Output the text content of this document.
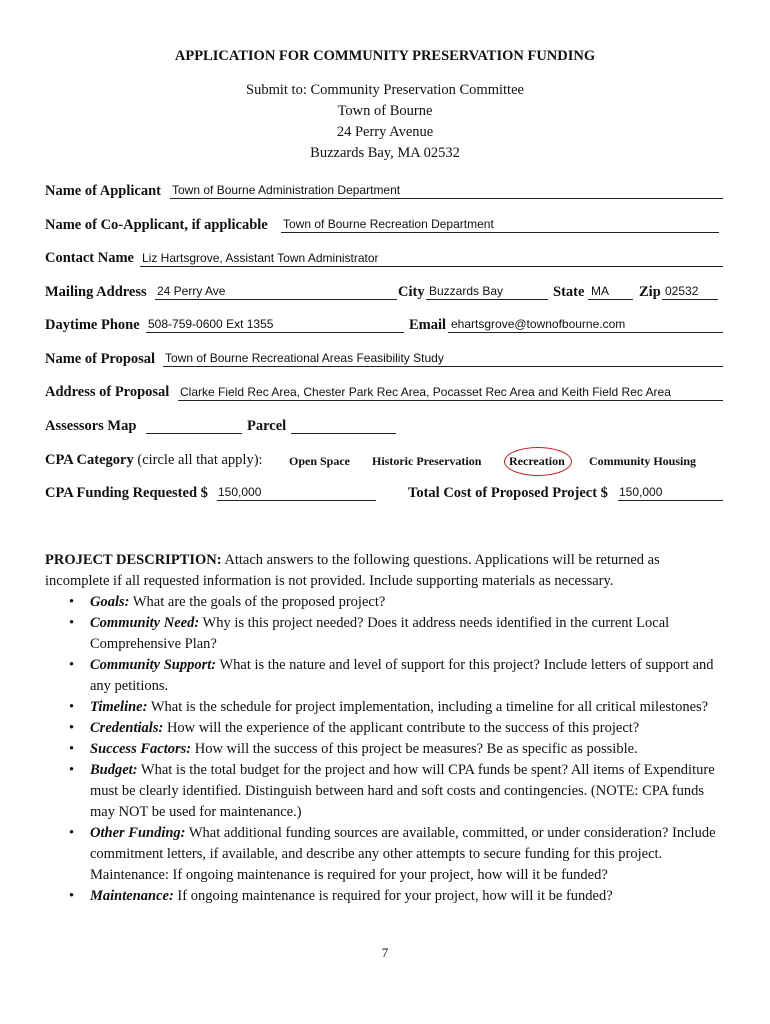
APPLICATION FOR COMMUNITY PRESERVATION FUNDING
Submit to: Community Preservation Committee
Town of Bourne
24 Perry Avenue
Buzzards Bay, MA 02532
Name of Applicant Town of Bourne Administration Department
Name of Co-Applicant, if applicable Town of Bourne Recreation Department
Contact Name Liz Hartsgrove, Assistant Town Administrator
Mailing Address 24 Perry Ave	City Buzzards Bay	State MA Zip 02532
Daytime Phone 508-759-0600 Ext 1355	Email ehartsgrove@townofbourne.com
Name of Proposal Town of Bourne Recreational Areas Feasibility Study
Address of Proposal Clarke Field Rec Area, Chester Park Rec Area, Pocasset Rec Area and Keith Field Rec Area
Assessors Map	Parcel
CPA Category (circle all that apply): Open Space Historic Preservation Recreation Community Housing
CPA Funding Requested $ 150,000	Total Cost of Proposed Project $ 150,000

PROJECT DESCRIPTION: Attach answers to the following questions. Applications will be returned as incomplete if all requested information is not provided. Include supporting materials as necessary.

• Goals: What are the goals of the proposed project?
• Community Need: Why is this project needed? Does it address needs identified in the current Local Comprehensive Plan?
• Community Support: What is the nature and level of support for this project? Include letters of support and any petitions.
• Timeline: What is the schedule for project implementation, including a timeline for all critical milestones?
• Credentials: How will the experience of the applicant contribute to the success of this project?
• Success Factors: How will the success of this project be measures? Be as specific as possible.
• Budget: What is the total budget for the project and how will CPA funds be spent? All items of Expenditure must be clearly identified. Distinguish between hard and soft costs and contingencies. (NOTE: CPA funds may NOT be used for maintenance.)
• Other Funding: What additional funding sources are available, committed, or under consideration? Include commitment letters, if available, and describe any other attempts to secure funding for this project. Maintenance: If ongoing maintenance is required for your project, how will it be funded?
• Maintenance: If ongoing maintenance is required for your project, how will it be funded?
7
